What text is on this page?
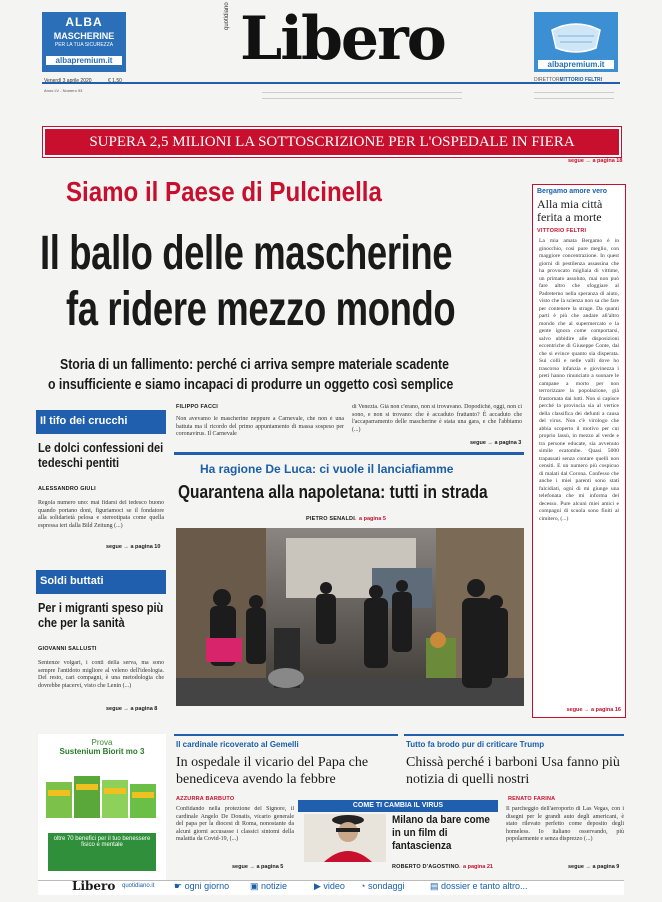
ALBA
MASCHERINE
PER LA TUA SICUREZZA
albapremium.it
quotidiano Libero	albapremium.it
Venerdì 3 aprile 2020	€ 1,50
Anno LV - Numero 93
DIRETTORE
VITTORIO FELTRI
SUPERA 2,5 MILIONI LA SOTTOSCRIZIONE PER L'OSPEDALE IN FIERA
segue → a pagina 18
Siamo il Paese di Pulcinella
Il ballo delle mascherine
fa ridere mezzo mondo
Storia di un fallimento: perché ci arriva sempre materiale scadente
o insufficiente e siamo incapaci di produrre un oggetto così semplice
Bergamo amore vero
Alla mia città ferita a morte
VITTORIO FELTRI
La mia amata Bergamo è in ginocchio, così pure meglio, con maggiore concentrazione. In quest giorni di pestilenza assassina che ha provocato migliaia di vittime, un primato assoluto, mai non può fare altro che sfoggiare al Padreterno nella speranza di aiuto, visto che la scienza non sa che fare per contenere la strage. Da quanti parti è più che andare all'altro mondo che al supermercato e la gente ignora come comportarsi, salvo ubbidire alle disposizioni eccentriche di Giuseppe Conte, dal che si evince quanto sia disperata. Sui colli e nelle valli dove ho trascorso infanzia e giovinezza i preti hanno rinunciato a suonare le campane a morto per non terrorizzare la popolazione, già frastornata dai lutti. Non si capisce perché la provincia sia al vertice della classifica dei defunti a causa del virus. Non c'è virologo che abbia scoperto il motivo per cui proprio lassù, in mezzo al verde e tra persone educate, sia avvenuto simile ecatombe. Quasi 5000 trapassati senza contare quelli non censiti. E un numero più cospicuo di malati dal Corona. Confesso che anche i miei parenti sono stati falcidiati, ogni di mi giunge una telefonata che mi informa del decesso. Pure alcuni miei amici e compagni di scuola sono finiti al cimitero, (...)
segue → a pagina 16
Il tifo dei crucchi
Le dolci confessioni dei tedeschi pentiti
ALESSANDRO GIULI
Regola numero uno: mai fidarsi del tedesco buono quando portano doni, figuriamoci se il fondatore alla solidarietà pelosa e stereotipata come quella espressa ieri dalla Bild Zeitung (...)
segue → a pagina 10
Soldi buttati
Per i migranti speso più che per la sanità
GIOVANNI SALLUSTI
Sentenze volgari, i conti della serva, ma sono sempre l'antidoto migliore al veleno dell'ideologia. Del resto, cari compagni, è una metodologia che dovrebbe piacervi, visto che Lenin (...)
segue → a pagina 8
FILIPPO FACCI
Non avevamo le mascherine neppure a Carnevale, che non è una battuta ma il ricordo del primo appuntamento di massa sospeso per coronavirus. Il Carnevale
di Venezia. Già non c'erano, non si trovavano. Dopodiché, oggi, non ci sono, e non si trovano: che è accaduto frattanto? È accaduto che l'accaparramento delle mascherine è stata una gara, e che l'abbiamo (...)
segue → a pagina 3
Ha ragione De Luca: ci vuole il lanciafiamme
Quarantena alla napoletana: tutti in strada
PIETRO SENALDI
→ a pagina 5
Prova
Sustenium Biorit mo 3
oltre 70 benefici per il tuo benessere fisico e mentale
Il cardinale ricoverato al Gemelli
In ospedale il vicario del Papa che benediceva avendo la febbre
AZZURRA BARBUTO
Confidando nella protezione del Signore, il cardinale Angelo De Donatis, vicario generale del papa per la diocesi di Roma, nonostante da alcuni giorni accusasse i classici sintomi della malattia da Covid-19, (...)
segue → a pagina 5
Tutto fa brodo pur di criticare Trump
Chissà perché i barboni Usa fanno più notizia di quelli nostri
RENATO FARINA
Il parcheggio dell'aeroporto di Las Vegas, con i disegni per le grandi auto degli americani, è stato rilevato perfetto come deposito degli homeless. Io italiano osservando, più popolarmente e senza disprezzo (...)
segue → a pagina 9
COME TI CAMBIA IL VIRUS
Milano da bare come in un film di fantascienza
ROBERTO D'AGOSTINO
→ a pagina 21
Libero quotidiano.it ☛ ogni giorno ▣ notizie	▶ video ◔ sondaggi	▤ dossier e tanto altro...
